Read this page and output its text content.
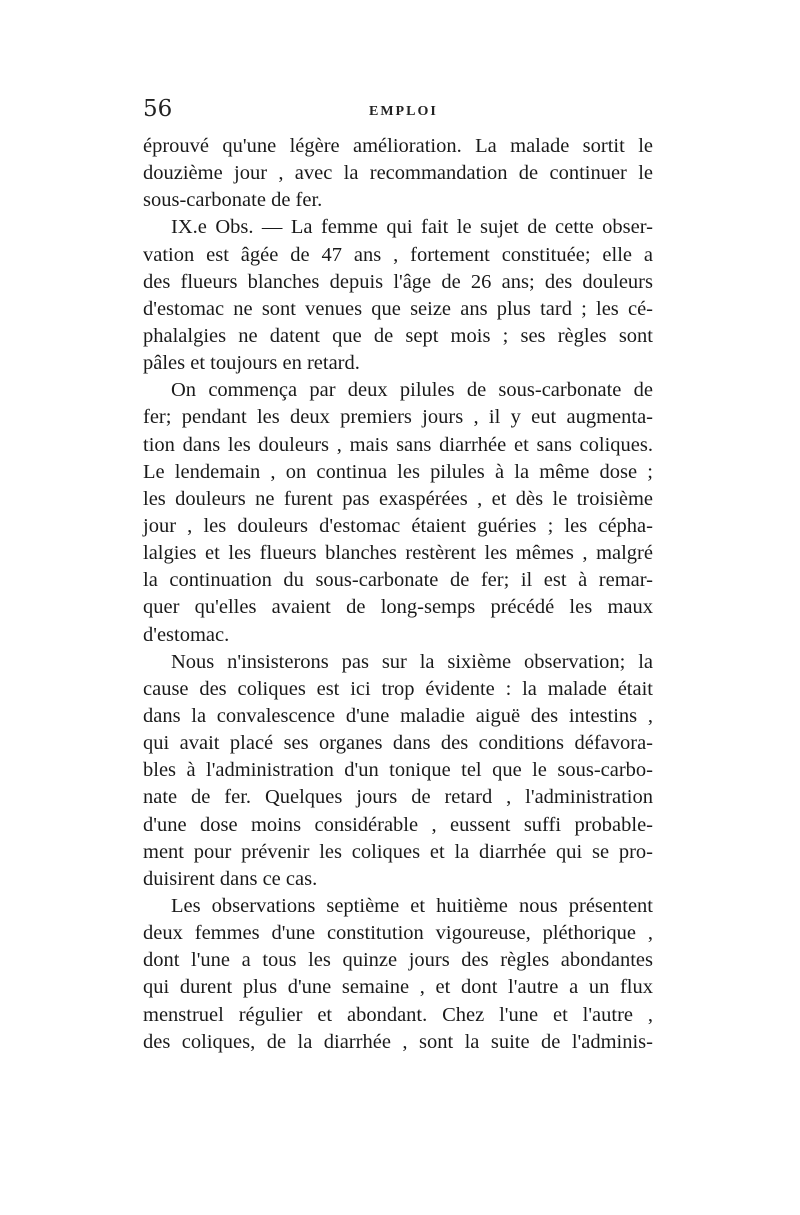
56	EMPLOI
éprouvé qu'une légère amélioration. La malade sortit le
douzième jour , avec la recommandation de continuer le
sous-carbonate de fer.
IX.e Obs. — La femme qui fait le sujet de cette obser-
vation est âgée de 47 ans , fortement constituée; elle a
des flueurs blanches depuis l'âge de 26 ans; des douleurs
d'estomac ne sont venues que seize ans plus tard ; les cé-
phalalgies ne datent que de sept mois ; ses règles sont
pâles et toujours en retard.
On commença par deux pilules de sous-carbonate de
fer; pendant les deux premiers jours , il y eut augmenta-
tion dans les douleurs , mais sans diarrhée et sans coliques.
Le lendemain , on continua les pilules à la même dose ;
les douleurs ne furent pas exaspérées , et dès le troisième
jour , les douleurs d'estomac étaient guéries ; les cépha-
lalgies et les flueurs blanches restèrent les mêmes , malgré
la continuation du sous-carbonate de fer; il est à remar-
quer qu'elles avaient de long-semps précédé les maux
d'estomac.
Nous n'insisterons pas sur la sixième observation; la
cause des coliques est ici trop évidente : la malade était
dans la convalescence d'une maladie aiguë des intestins ,
qui avait placé ses organes dans des conditions défavora-
bles à l'administration d'un tonique tel que le sous-carbo-
nate de fer. Quelques jours de retard , l'administration
d'une dose moins considérable , eussent suffi probable-
ment pour prévenir les coliques et la diarrhée qui se pro-
duisirent dans ce cas.
Les observations septième et huitième nous présentent
deux femmes d'une constitution vigoureuse, pléthorique ,
dont l'une a tous les quinze jours des règles abondantes
qui durent plus d'une semaine , et dont l'autre a un flux
menstruel régulier et abondant. Chez l'une et l'autre ,
des coliques, de la diarrhée , sont la suite de l'adminis-
